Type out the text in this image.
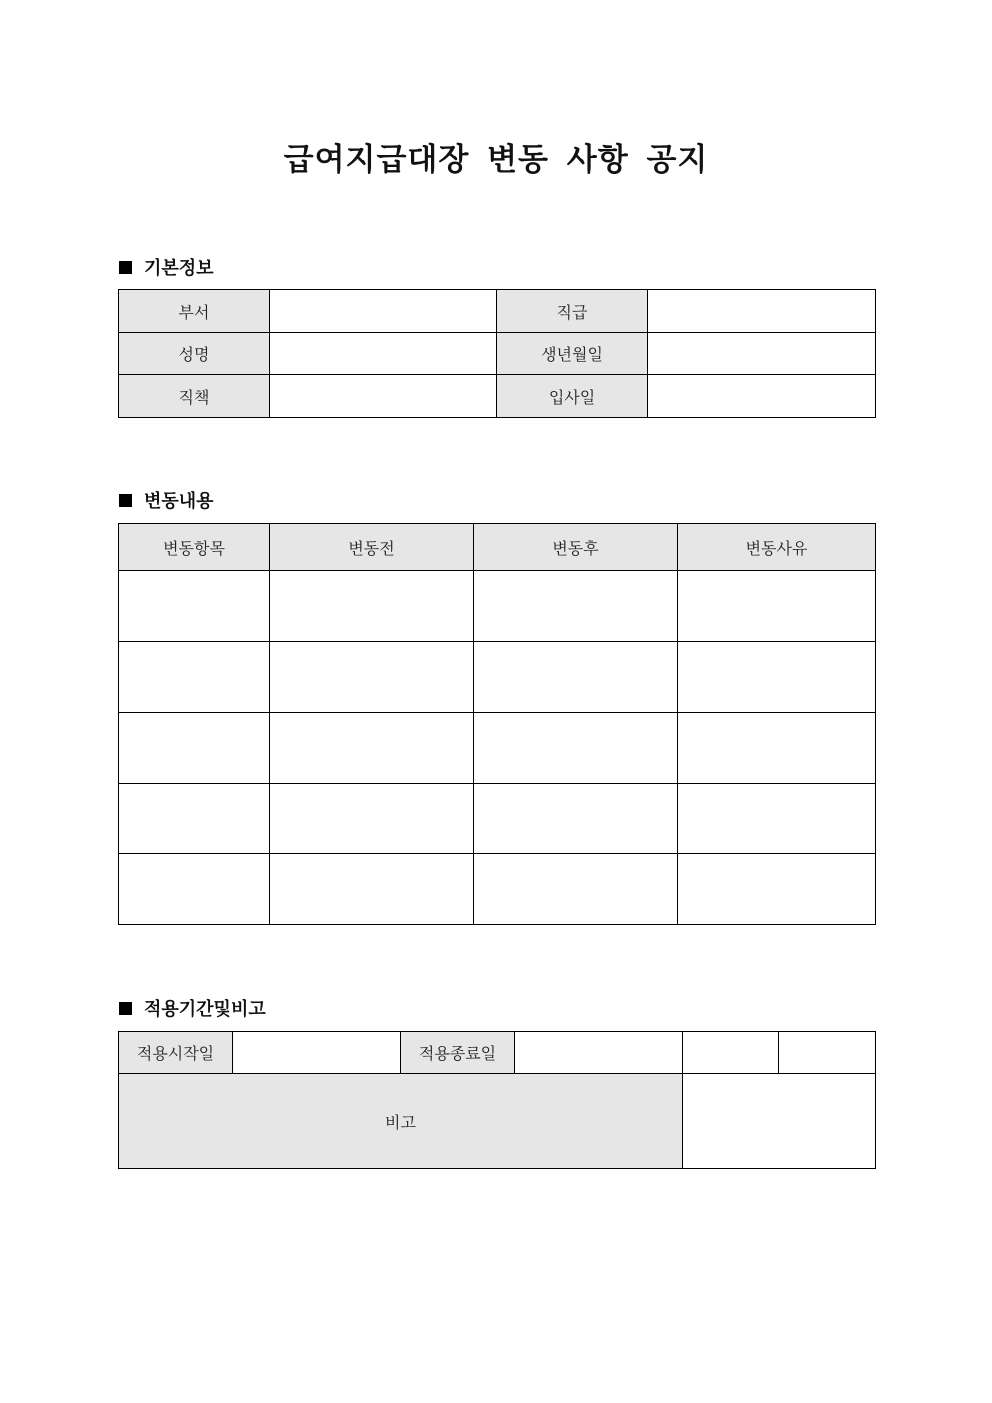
급여지급대장 변동 사항 공지
기본정보
부서		직급	
성명		생년월일	
직책		입사일	
변동내용
변동항목	변동전	변동후	변동사유

적용기간및비고
적용시작일		적용종료일			
비고					
